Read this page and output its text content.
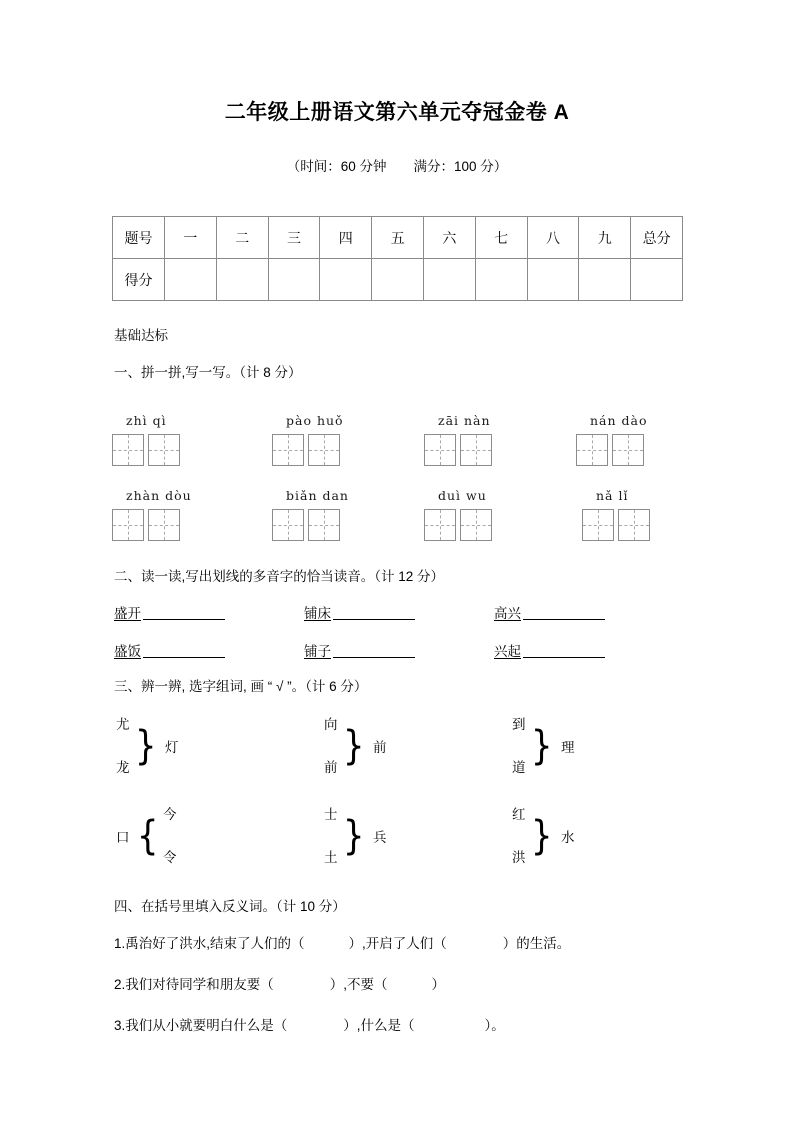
二年级上册语文第六单元夺冠金卷 A
（时间：60 分钟　　满分：100 分）
题号	一	二	三	四	五	六	七	八	九	总分
得分										
基础达标
一、拼一拼,写一写。（计 8 分）
zhì qì	pào huǒ	zāi nàn	nán dào
zhàn dòu	biǎn dan	duì wu	nǎ lǐ
二、读一读,写出划线的多音字的恰当读音。（计 12 分）
盛开	铺床	高兴
盛饭	铺子	兴起
三、辨一辨, 选字组词, 画 “ √ ”。（计 6 分）
尤
龙 } 灯
向
前 } 前
到
道 } 理
口 { 今
令
士
土 } 兵
红
洪 } 水
四、在括号里填入反义词。（计 10 分）
1.禹治好了洪水,结束了人们的（	）,开启了人们（	）的生活。
2.我们对待同学和朋友要（	）,不要（	）
3.我们从小就要明白什么是（	）,什么是（	）。
